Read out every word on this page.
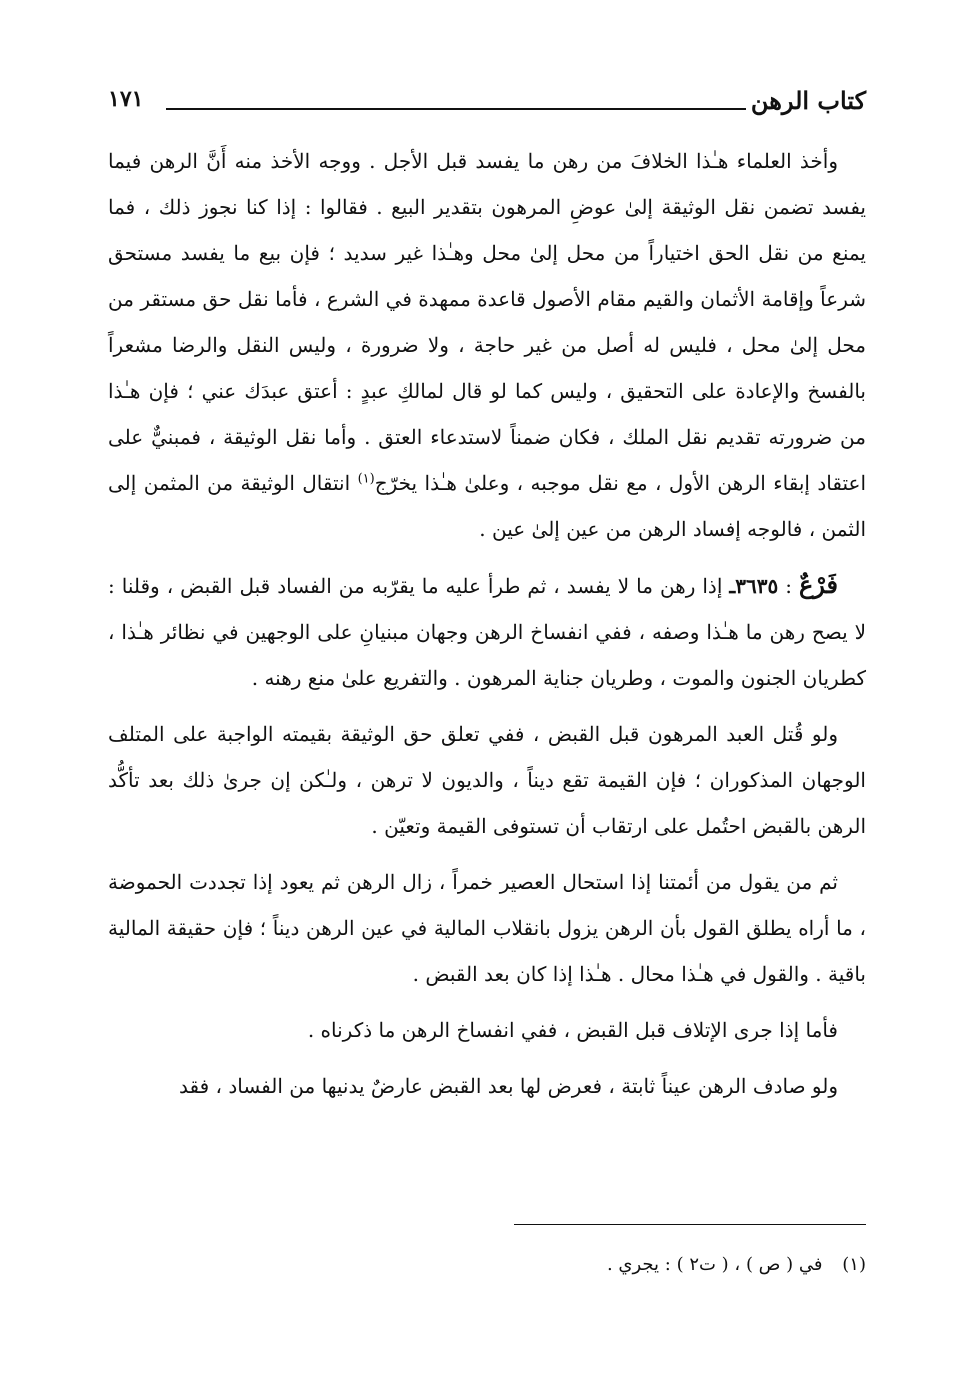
كتاب الرهن
١٧١

وأخذ العلماء هـٰذا الخلافَ من رهن ما يفسد قبل الأجل . ووجه الأخذ منه أَنَّ الرهن فيما يفسد تضمن نقل الوثيقة إلىٰ عوضِ المرهون بتقدير البيع . فقالوا : إذا كنا نجوز ذلك ، فما يمنع من نقل الحق اختياراً من محل إلىٰ محل وهـٰذا غير سديد ؛ فإن بيع ما يفسد مستحق شرعاً وإقامة الأثمان والقيم مقام الأصول قاعدة ممهدة في الشرع ، فأما نقل حق مستقر من محل إلىٰ محل ، فليس له أصل من غير حاجة ، ولا ضرورة ، وليس النقل والرضا مشعراً بالفسخ والإعادة على التحقيق ، وليس كما لو قال لمالكِ عبدٍ : أعتق عبدَك عني ؛ فإن هـٰذا من ضرورته تقديم نقل الملك ، فكان ضمناً لاستدعاء العتق . وأما نقل الوثيقة ، فمبنيٌّ على اعتقاد إبقاء الرهن الأول ، مع نقل موجبه ، وعلىٰ هـٰذا يخرّج$^{(١)}$ انتقال الوثيقة من المثمن إلى الثمن ، فالوجه إفساد الرهن من عين إلىٰ عين .

فَرْعٌ : ٣٦٣٥ـ إذا رهن ما لا يفسد ، ثم طرأ عليه ما يقرّبه من الفساد قبل القبض ، وقلنا : لا يصح رهن ما هـٰذا وصفه ، ففي انفساخ الرهن وجهان مبنيانِ على الوجهين في نظائر هـٰذا ، كطريان الجنون والموت ، وطريان جناية المرهون . والتفريع علىٰ منع رهنه .

ولو قُتل العبد المرهون قبل القبض ، ففي تعلق حق الوثيقة بقيمته الواجبة على المتلف الوجهان المذكوران ؛ فإن القيمة تقع ديناً ، والديون لا ترهن ، ولـٰكن إن جرىٰ ذلك بعد تأكُّد الرهن بالقبض احتُمل على ارتقاب أن تستوفى القيمة وتعيّن .

ثم من يقول من أئمتنا إذا استحال العصير خمراً ، زال الرهن ثم يعود إذا تجددت الحموضة ، ما أراه يطلق القول بأن الرهن يزول بانقلاب المالية في عين الرهن ديناً ؛ فإن حقيقة المالية باقية . والقول في هـٰذا محال . هـٰذا إذا كان بعد القبض .

فأما إذا جرى الإتلاف قبل القبض ، ففي انفساخ الرهن ما ذكرناه .

ولو صادف الرهن عيناً ثابتة ، فعرض لها بعد القبض عارضٌ يدنيها من الفساد ، فقد

(١) في ( ص ) ، ( ت٢ ) : يجري .
